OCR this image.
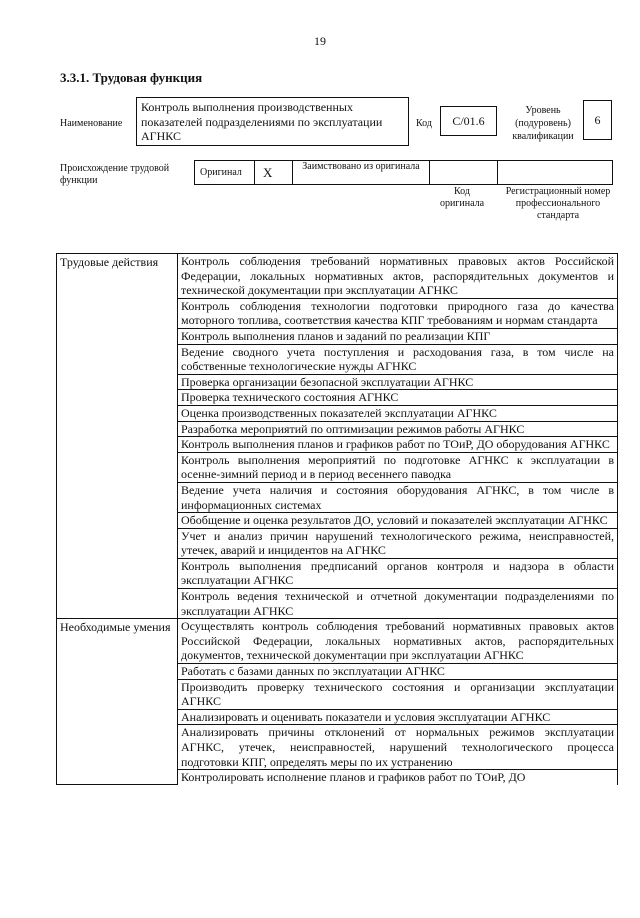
19
3.3.1. Трудовая функция
Наименование
Контроль выполнения производственных показателей подразделениями по эксплуатации АГНКС
Код	С/01.6
Уровень (подуровень) квалификации
6
Происхождение трудовой функции
Оригинал Х	Заимствовано из оригинала
Код оригинала
Регистрационный номер профессионального стандарта
Трудовые действия	Контроль соблюдения требований нормативных правовых актов Российской Федерации, локальных нормативных актов, распорядительных документов и технической документации при эксплуатации АГНКС
	Контроль соблюдения технологии подготовки природного газа до качества моторного топлива, соответствия качества КПГ требованиям и нормам стандарта
	Контроль выполнения планов и заданий по реализации КПГ
	Ведение сводного учета поступления и расходования газа, в том числе на собственные технологические нужды АГНКС
	Проверка организации безопасной эксплуатации АГНКС
	Проверка технического состояния АГНКС
	Оценка производственных показателей эксплуатации АГНКС
	Разработка мероприятий по оптимизации режимов работы АГНКС
	Контроль выполнения планов и графиков работ по ТОиР, ДО оборудования АГНКС
	Контроль выполнения мероприятий по подготовке АГНКС к эксплуатации в осенне-зимний период и в период весеннего паводка
	Ведение учета наличия и состояния оборудования АГНКС, в том числе в информационных системах
	Обобщение и оценка результатов ДО, условий и показателей эксплуатации АГНКС
	Учет и анализ причин нарушений технологического режима, неисправностей, утечек, аварий и инцидентов на АГНКС
	Контроль выполнения предписаний органов контроля и надзора в области эксплуатации АГНКС
	Контроль ведения технической и отчетной документации подразделениями по эксплуатации АГНКС
Необходимые умения	Осуществлять контроль соблюдения требований нормативных правовых актов Российской Федерации, локальных нормативных актов, распорядительных документов, технической документации при эксплуатации АГНКС
	Работать с базами данных по эксплуатации АГНКС
	Производить проверку технического состояния и организации эксплуатации АГНКС
	Анализировать и оценивать показатели и условия эксплуатации АГНКС
	Анализировать причины отклонений от нормальных режимов эксплуатации АГНКС, утечек, неисправностей, нарушений технологического процесса подготовки КПГ, определять меры по их устранению
	Контролировать исполнение планов и графиков работ по ТОиР, ДО
